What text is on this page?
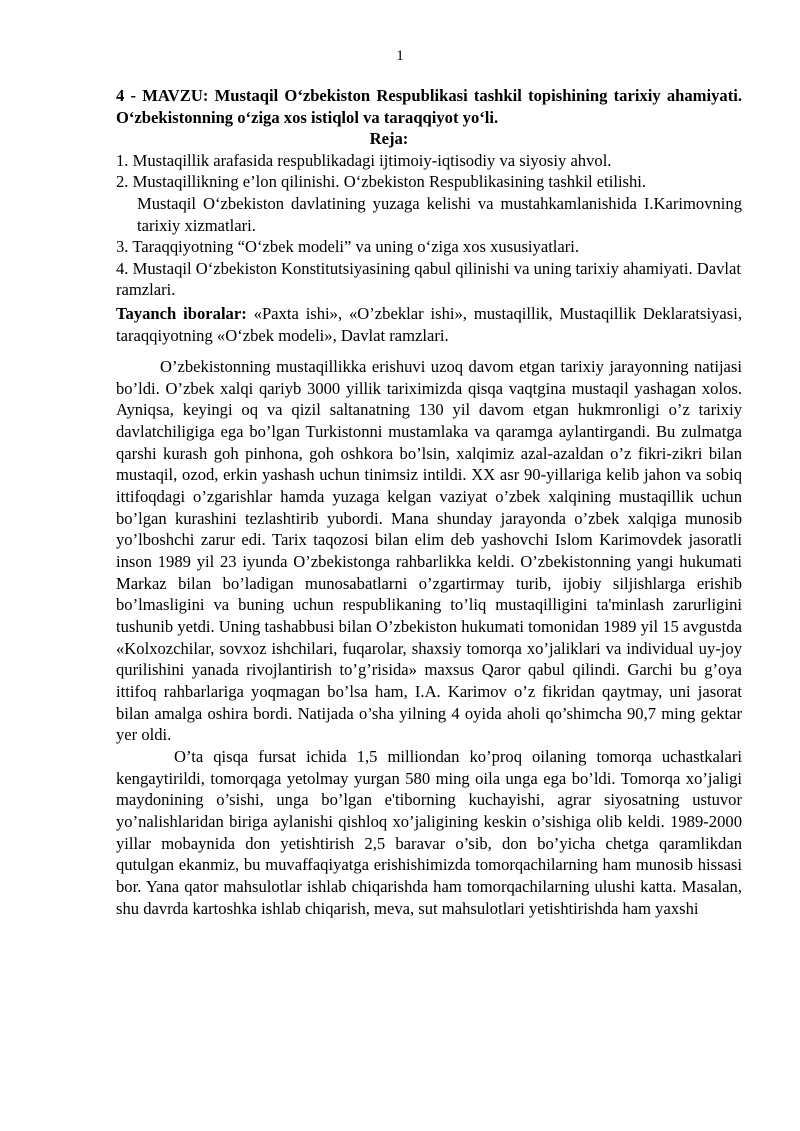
1

4 - MAVZU: Mustaqil O‘zbekiston Respublikasi tashkil topishining tarixiy ahamiyati. O‘zbekistonning o‘ziga xos istiqlol va taraqqiyot yo‘li.

Reja:

1. Mustaqillik arafasida respublikadagi ijtimoiy-iqtisodiy va siyosiy ahvol.
2. Mustaqillikning e’lon qilinishi. O‘zbekiston Respublikasining tashkil etilishi.
Mustaqil O‘zbekiston davlatining yuzaga kelishi va mustahkamlanishida I.Karimovning tarixiy xizmatlari.
3. Taraqqiyotning “O‘zbek modeli” va uning o‘ziga xos xususiyatlari.
4. Mustaqil O‘zbekiston Konstitutsiyasining qabul qilinishi va uning tarixiy ahamiyati. Davlat ramzlari.

Tayanch iboralar: «Paxta ishi», «O’zbeklar ishi», mustaqillik, Mustaqillik Deklaratsiyasi, taraqqiyotning «O‘zbek modeli», Davlat ramzlari.

O’zbekistonning mustaqillikka erishuvi uzoq davom etgan tarixiy jarayonning natijasi bo’ldi. O’zbek xalqi qariyb 3000 yillik tariximizda qisqa vaqtgina mustaqil yashagan xolos. Ayniqsa, keyingi oq va qizil saltanatning 130 yil davom etgan hukmronligi o’z tarixiy davlatchiligiga ega bo’lgan Turkistonni mustamlaka va qaramga aylantirgandi. Bu zulmatga qarshi kurash goh pinhona, goh oshkora bo’lsin, xalqimiz azal-azaldan o’z fikri-zikri bilan mustaqil, ozod, erkin yashash uchun tinimsiz intildi. XX asr 90-yillariga kelib jahon va sobiq ittifoqdagi o’zgarishlar hamda yuzaga kelgan vaziyat o’zbek xalqining mustaqillik uchun bo’lgan kurashini tezlashtirib yubordi. Mana shunday jarayonda o’zbek xalqiga munosib yo’lboshchi zarur edi. Tarix taqozosi bilan elim deb yashovchi Islom Karimovdek jasoratli inson 1989 yil 23 iyunda O’zbekistonga rahbarlikka keldi. O’zbekistonning yangi hukumati Markaz bilan bo’ladigan munosabatlarni o’zgartirmay turib, ijobiy siljishlarga erishib bo’lmasligini va buning uchun respublikaning to’liq mustaqilligini ta'minlash zarurligini tushunib yetdi. Uning tashabbusi bilan O’zbekiston hukumati tomonidan 1989 yil 15 avgustda «Kolxozchilar, sovxoz ishchilari, fuqarolar, shaxsiy tomorqa xo’jaliklari va individual uy-joy qurilishini yanada rivojlantirish to’g’risida» maxsus Qaror qabul qilindi. Garchi bu g’oya ittifoq rahbarlariga yoqmagan bo’lsa ham, I.A. Karimov o’z fikridan qaytmay, uni jasorat bilan amalga oshira bordi. Natijada o’sha yilning 4 oyida aholi qo’shimcha 90,7 ming gektar yer oldi.

O’ta qisqa fursat ichida 1,5 milliondan ko’proq oilaning tomorqa uchastkalari kengaytirildi, tomorqaga yetolmay yurgan 580 ming oila unga ega bo’ldi. Tomorqa xo’jaligi maydonining o’sishi, unga bo’lgan e'tiborning kuchayishi, agrar siyosatning ustuvor yo’nalishlaridan biriga aylanishi qishloq xo’jaligining keskin o’sishiga olib keldi. 1989-2000 yillar mobaynida don yetishtirish 2,5 baravar o’sib, don bo’yicha chetga qaramlikdan qutulgan ekanmiz, bu muvaffaqiyatga erishishimizda tomorqachilarning ham munosib hissasi bor. Yana qator mahsulotlar ishlab chiqarishda ham tomorqachilarning ulushi katta. Masalan, shu davrda kartoshka ishlab chiqarish, meva, sut mahsulotlari yetishtirishda ham yaxshi
